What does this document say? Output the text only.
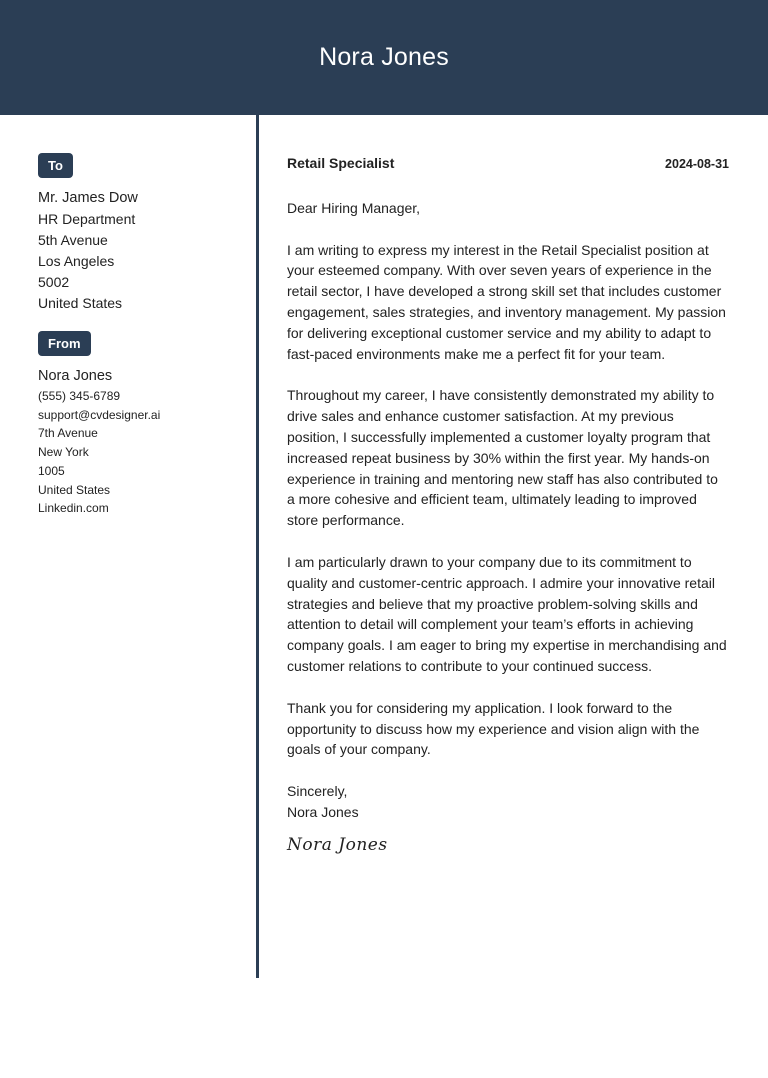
Nora Jones
To
Mr. James Dow
HR Department
5th Avenue
Los Angeles
5002
United States
From
Nora Jones
(555) 345-6789
support@cvdesigner.ai
7th Avenue
New York
1005
United States
Linkedin.com
Retail Specialist	2024-08-31
Dear Hiring Manager,
I am writing to express my interest in the Retail Specialist position at your esteemed company. With over seven years of experience in the retail sector, I have developed a strong skill set that includes customer engagement, sales strategies, and inventory management. My passion for delivering exceptional customer service and my ability to adapt to fast-paced environments make me a perfect fit for your team.
Throughout my career, I have consistently demonstrated my ability to drive sales and enhance customer satisfaction. At my previous position, I successfully implemented a customer loyalty program that increased repeat business by 30% within the first year. My hands-on experience in training and mentoring new staff has also contributed to a more cohesive and efficient team, ultimately leading to improved store performance.
I am particularly drawn to your company due to its commitment to quality and customer-centric approach. I admire your innovative retail strategies and believe that my proactive problem-solving skills and attention to detail will complement your team’s efforts in achieving company goals. I am eager to bring my expertise in merchandising and customer relations to contribute to your continued success.
Thank you for considering my application. I look forward to the opportunity to discuss how my experience and vision align with the goals of your company.
Sincerely,
Nora Jones
Nora Jones
